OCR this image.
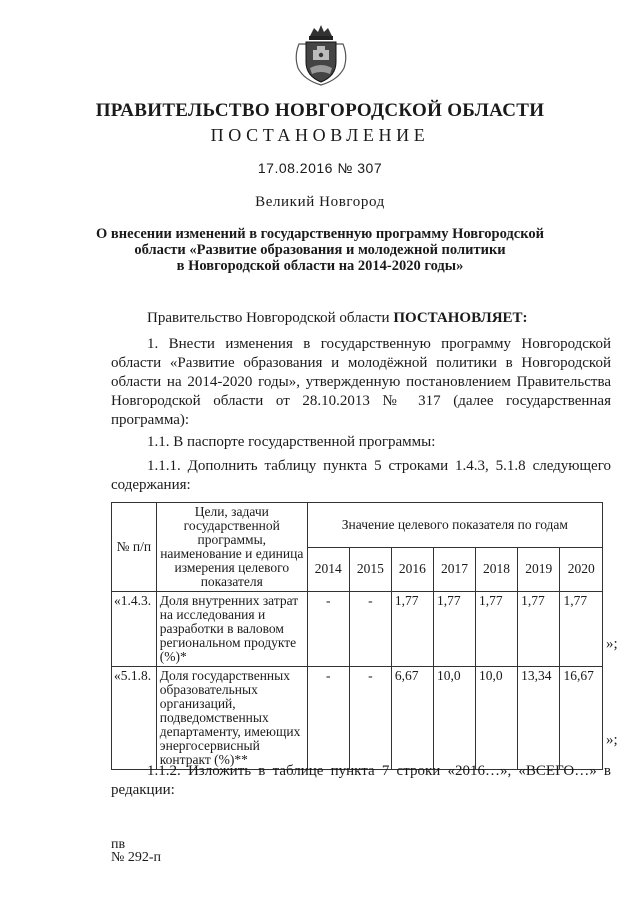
ПРАВИТЕЛЬСТВО НОВГОРОДСКОЙ ОБЛАСТИ
ПОСТАНОВЛЕНИЕ
17.08.2016 № 307
Великий Новгород
О внесении изменений в государственную программу Новгородской
области «Развитие образования и молодежной политики
в Новгородской области на 2014-2020 годы»
Правительство Новгородской области ПОСТАНОВЛЯЕТ:
1. Внести изменения в государственную программу Новгородской области «Развитие образования и молодёжной политики в Новгородской области на 2014-2020 годы», утвержденную постановлением Правительства Новгородской области от 28.10.2013 № 317 (далее государственная программа):
1.1. В паспорте государственной программы:
1.1.1. Дополнить таблицу пункта 5 строками 1.4.3, 5.1.8 следующего содержания:
№ п/п	Цели, задачи государственной программы, наименование и единица измерения целевого показателя	Значение целевого показателя по годам						
		2014	2015	2016	2017	2018	2019	2020
«1.4.3.	Доля внутренних затрат на исследования и разработки в валовом региональном продукте (%)*	-	-	1,77	1,77	1,77	1,77	1,77
«5.1.8.	Доля государственных образовательных организаций, подведомственных департаменту, имеющих энергосервисный контракт (%)**	-	-	6,67	10,0	10,0	13,34	16,67
»;
»;
1.1.2. Изложить в таблице пункта 7 строки «2016…», «ВСЕГО…» в редакции:
пв
№ 292-п
